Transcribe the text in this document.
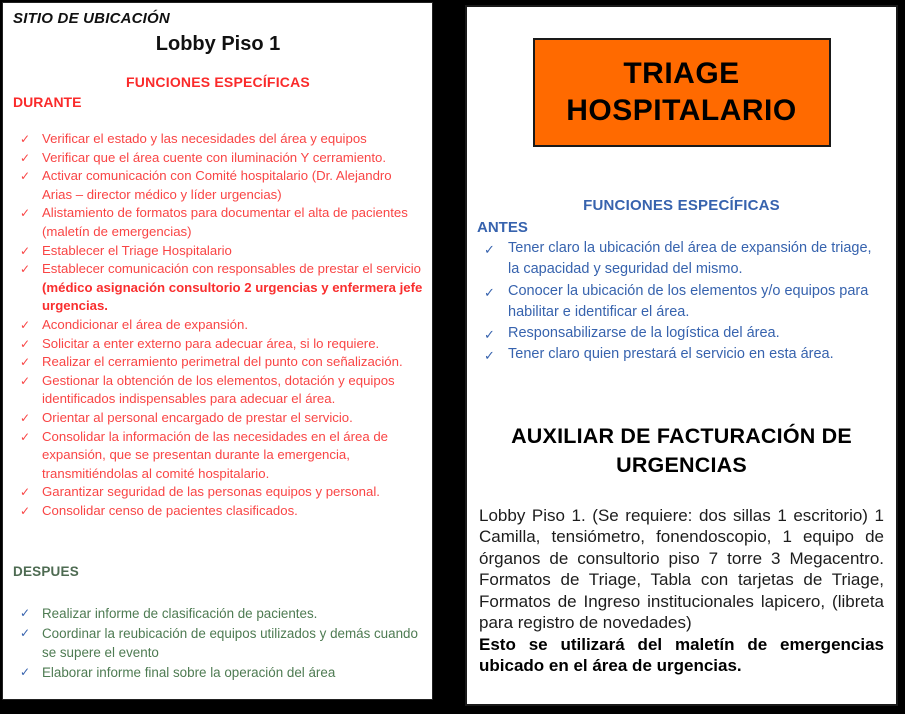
SITIO DE UBICACIÓN
Lobby Piso 1
FUNCIONES ESPECÍFICAS
DURANTE
✓ Verificar el estado y las necesidades del área y equipos
✓ Verificar que el área cuente con iluminación Y cerramiento.
✓ Activar comunicación con Comité hospitalario (Dr. Alejandro Arias – director médico y líder urgencias)
✓ Alistamiento de formatos para documentar el alta de pacientes (maletín de emergencias)
✓ Establecer el Triage Hospitalario
✓ Establecer comunicación con responsables de prestar el servicio (médico asignación consultorio 2 urgencias y enfermera jefe urgencias.
✓ Acondicionar el área de expansión.
✓ Solicitar a enter externo para adecuar área, si lo requiere.
✓ Realizar el cerramiento perimetral del punto con señalización.
✓ Gestionar la obtención de los elementos, dotación y equipos identificados indispensables para adecuar el área.
✓ Orientar al personal encargado de prestar el servicio.
✓ Consolidar la información de las necesidades en el área de expansión, que se presentan durante la emergencia, transmitiéndolas al comité hospitalario.
✓ Garantizar seguridad de las personas equipos y personal.
✓ Consolidar censo de pacientes clasificados.
DESPUES
✓ Realizar informe de clasificación de pacientes.
✓ Coordinar la reubicación de equipos utilizados y demás cuando se supere el evento
✓ Elaborar informe final sobre la operación del área
TRIAGE HOSPITALARIO
FUNCIONES ESPECÍFICAS
ANTES
✓ Tener claro la ubicación del área de expansión de triage, la capacidad y seguridad del mismo.
✓ Conocer la ubicación de los elementos y/o equipos para habilitar e identificar el área.
✓ Responsabilizarse de la logística del área.
✓ Tener claro quien prestará el servicio en esta área.
AUXILIAR DE FACTURACIÓN DE URGENCIAS
Lobby Piso 1. (Se requiere: dos sillas 1 escritorio) 1 Camilla, tensiómetro, fonendoscopio, 1 equipo de órganos de consultorio piso 7 torre 3 Megacentro. Formatos de Triage, Tabla con tarjetas de Triage, Formatos de Ingreso institucionales lapicero, (libreta para registro de novedades)
Esto se utilizará del maletín de emergencias ubicado en el área de urgencias.
